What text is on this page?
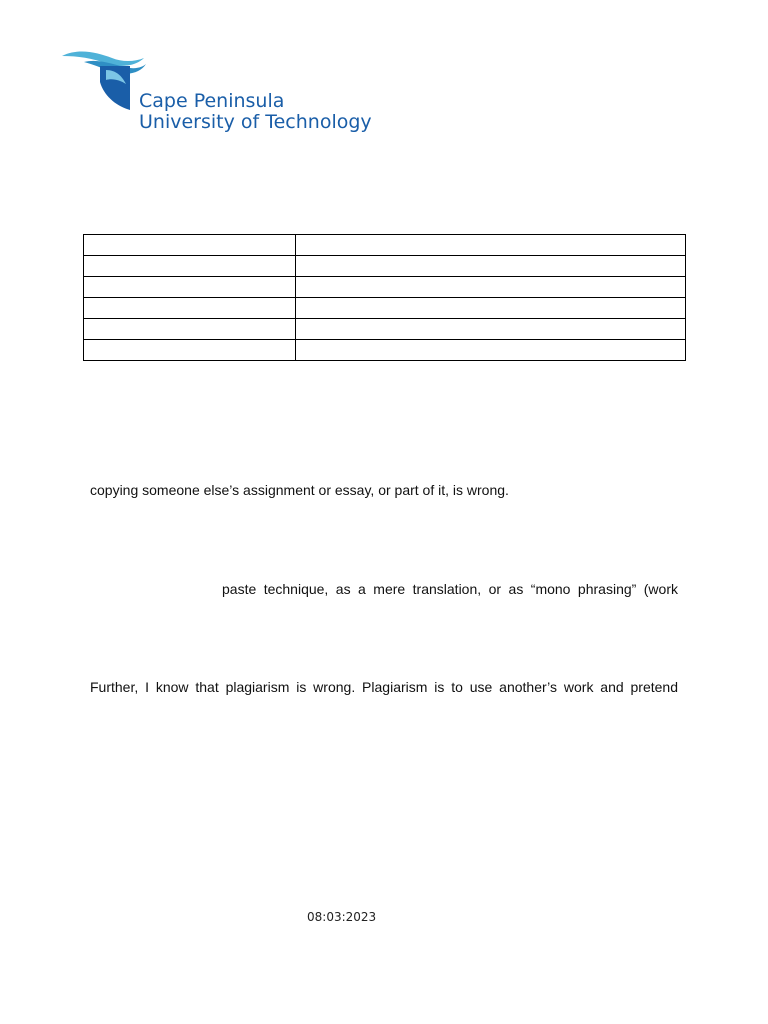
Cape Peninsula
University of Technology

copying someone else’s assignment or essay, or part of it, is wrong.
paste technique, as a mere translation, or as “mono phrasing” (work
Further, I know that plagiarism is wrong. Plagiarism is to use another’s work and pretend
08:03:2023
